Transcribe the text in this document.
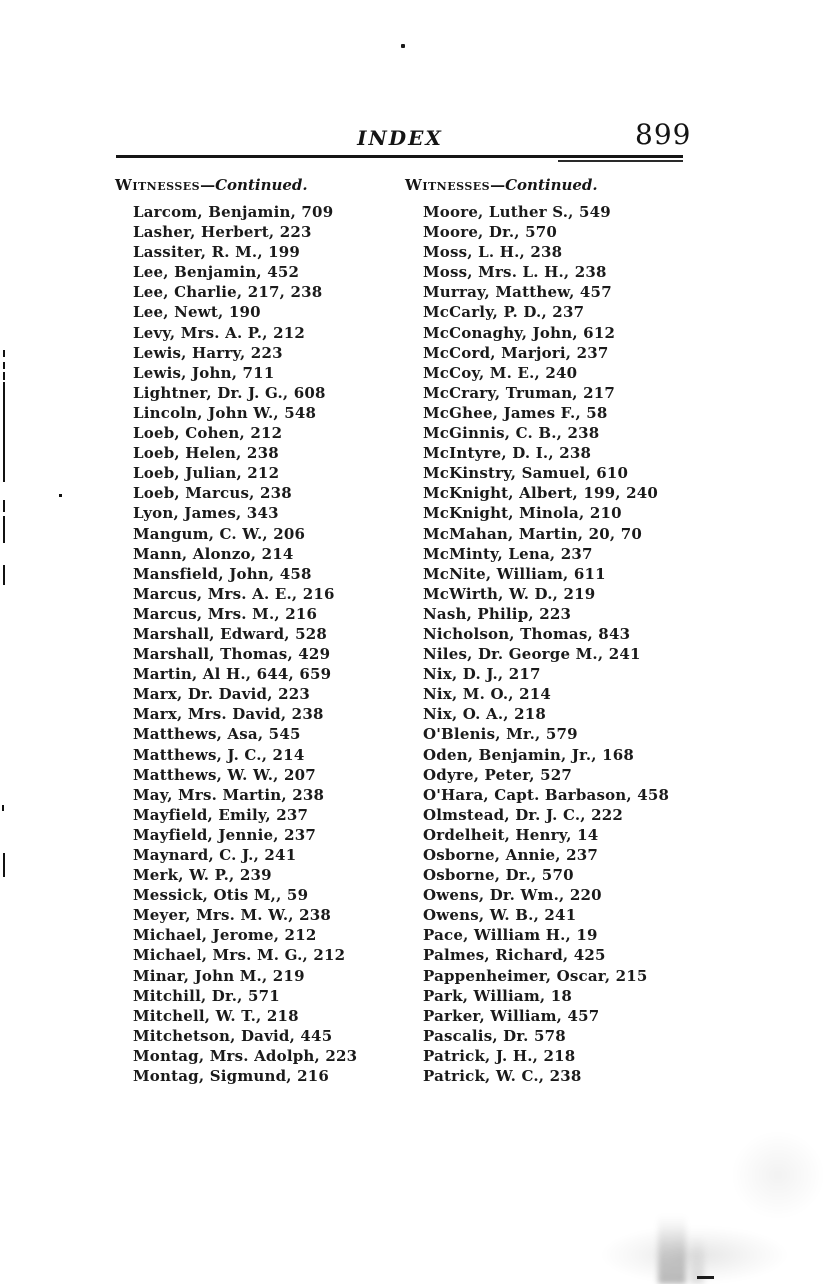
INDEX	899
Witnesses—Continued.
Larcom, Benjamin, 709
Lasher, Herbert, 223
Lassiter, R. M., 199
Lee, Benjamin, 452
Lee, Charlie, 217, 238
Lee, Newt, 190
Levy, Mrs. A. P., 212
Lewis, Harry, 223
Lewis, John, 711
Lightner, Dr. J. G., 608
Lincoln, John W., 548
Loeb, Cohen, 212
Loeb, Helen, 238
Loeb, Julian, 212
Loeb, Marcus, 238
Lyon, James, 343
Mangum, C. W., 206
Mann, Alonzo, 214
Mansfield, John, 458
Marcus, Mrs. A. E., 216
Marcus, Mrs. M., 216
Marshall, Edward, 528
Marshall, Thomas, 429
Martin, Al H., 644, 659
Marx, Dr. David, 223
Marx, Mrs. David, 238
Matthews, Asa, 545
Matthews, J. C., 214
Matthews, W. W., 207
May, Mrs. Martin, 238
Mayfield, Emily, 237
Mayfield, Jennie, 237
Maynard, C. J., 241
Merk, W. P., 239
Messick, Otis M,, 59
Meyer, Mrs. M. W., 238
Michael, Jerome, 212
Michael, Mrs. M. G., 212
Minar, John M., 219
Mitchill, Dr., 571
Mitchell, W. T., 218
Mitchetson, David, 445
Montag, Mrs. Adolph, 223
Montag, Sigmund, 216
Witnesses—Continued.
Moore, Luther S., 549
Moore, Dr., 570
Moss, L. H., 238
Moss, Mrs. L. H., 238
Murray, Matthew, 457
McCarly, P. D., 237
McConaghy, John, 612
McCord, Marjori, 237
McCoy, M. E., 240
McCrary, Truman, 217
McGhee, James F., 58
McGinnis, C. B., 238
McIntyre, D. I., 238
McKinstry, Samuel, 610
McKnight, Albert, 199, 240
McKnight, Minola, 210
McMahan, Martin, 20, 70
McMinty, Lena, 237
McNite, William, 611
McWirth, W. D., 219
Nash, Philip, 223
Nicholson, Thomas, 843
Niles, Dr. George M., 241
Nix, D. J., 217
Nix, M. O., 214
Nix, O. A., 218
O'Blenis, Mr., 579
Oden, Benjamin, Jr., 168
Odyre, Peter, 527
O'Hara, Capt. Barbason, 458
Olmstead, Dr. J. C., 222
Ordelheit, Henry, 14
Osborne, Annie, 237
Osborne, Dr., 570
Owens, Dr. Wm., 220
Owens, W. B., 241
Pace, William H., 19
Palmes, Richard, 425
Pappenheimer, Oscar, 215
Park, William, 18
Parker, William, 457
Pascalis, Dr. 578
Patrick, J. H., 218
Patrick, W. C., 238
